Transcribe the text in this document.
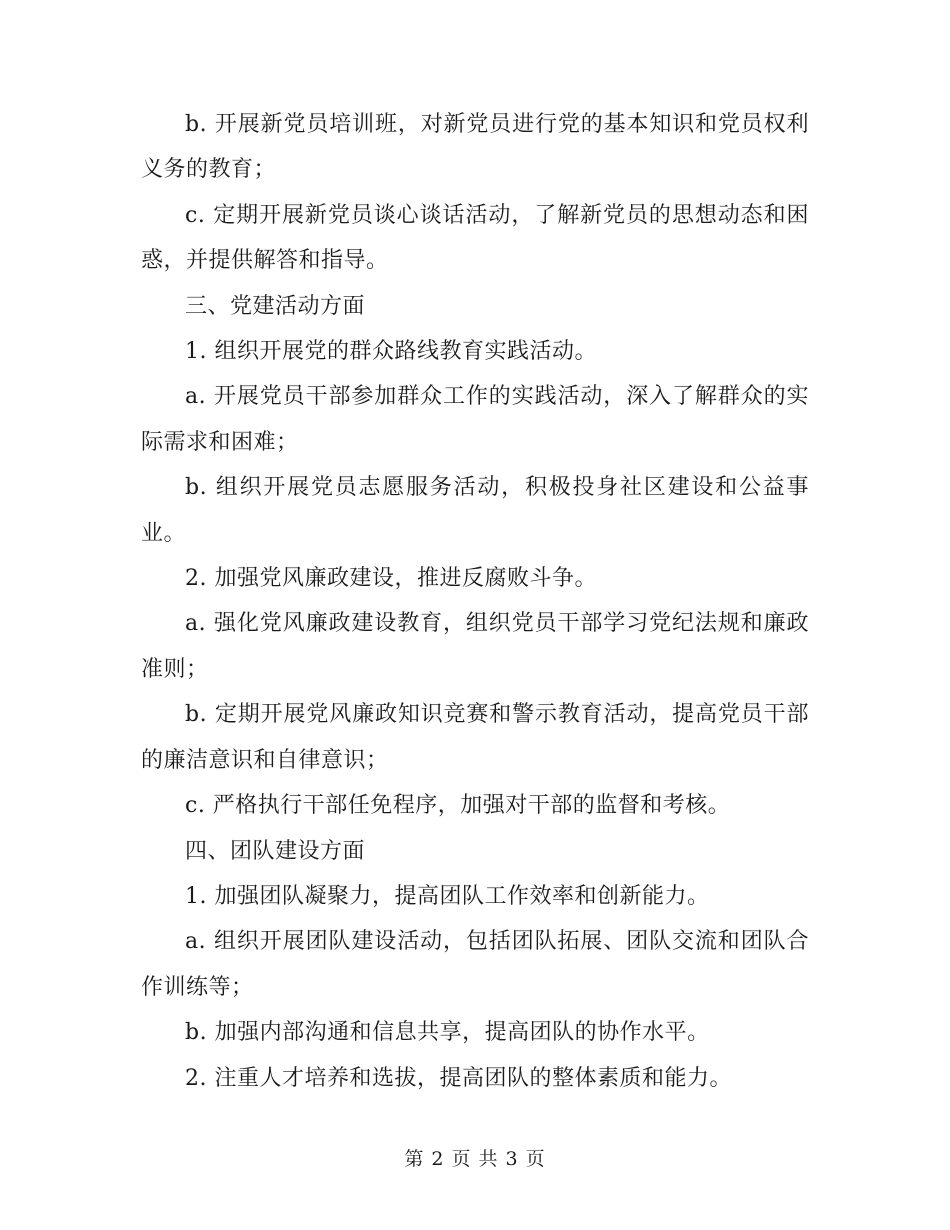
b. 开展新党员培训班，对新党员进行党的基本知识和党员权利义务的教育；

c. 定期开展新党员谈心谈话活动，了解新党员的思想动态和困惑，并提供解答和指导。

三、党建活动方面

1. 组织开展党的群众路线教育实践活动。

a. 开展党员干部参加群众工作的实践活动，深入了解群众的实际需求和困难；

b. 组织开展党员志愿服务活动，积极投身社区建设和公益事业。

2. 加强党风廉政建设，推进反腐败斗争。

a. 强化党风廉政建设教育，组织党员干部学习党纪法规和廉政准则；

b. 定期开展党风廉政知识竞赛和警示教育活动，提高党员干部的廉洁意识和自律意识；

c. 严格执行干部任免程序，加强对干部的监督和考核。

四、团队建设方面

1. 加强团队凝聚力，提高团队工作效率和创新能力。

a. 组织开展团队建设活动，包括团队拓展、团队交流和团队合作训练等；

b. 加强内部沟通和信息共享，提高团队的协作水平。

2. 注重人才培养和选拔，提高团队的整体素质和能力。

第 2 页 共 3 页
